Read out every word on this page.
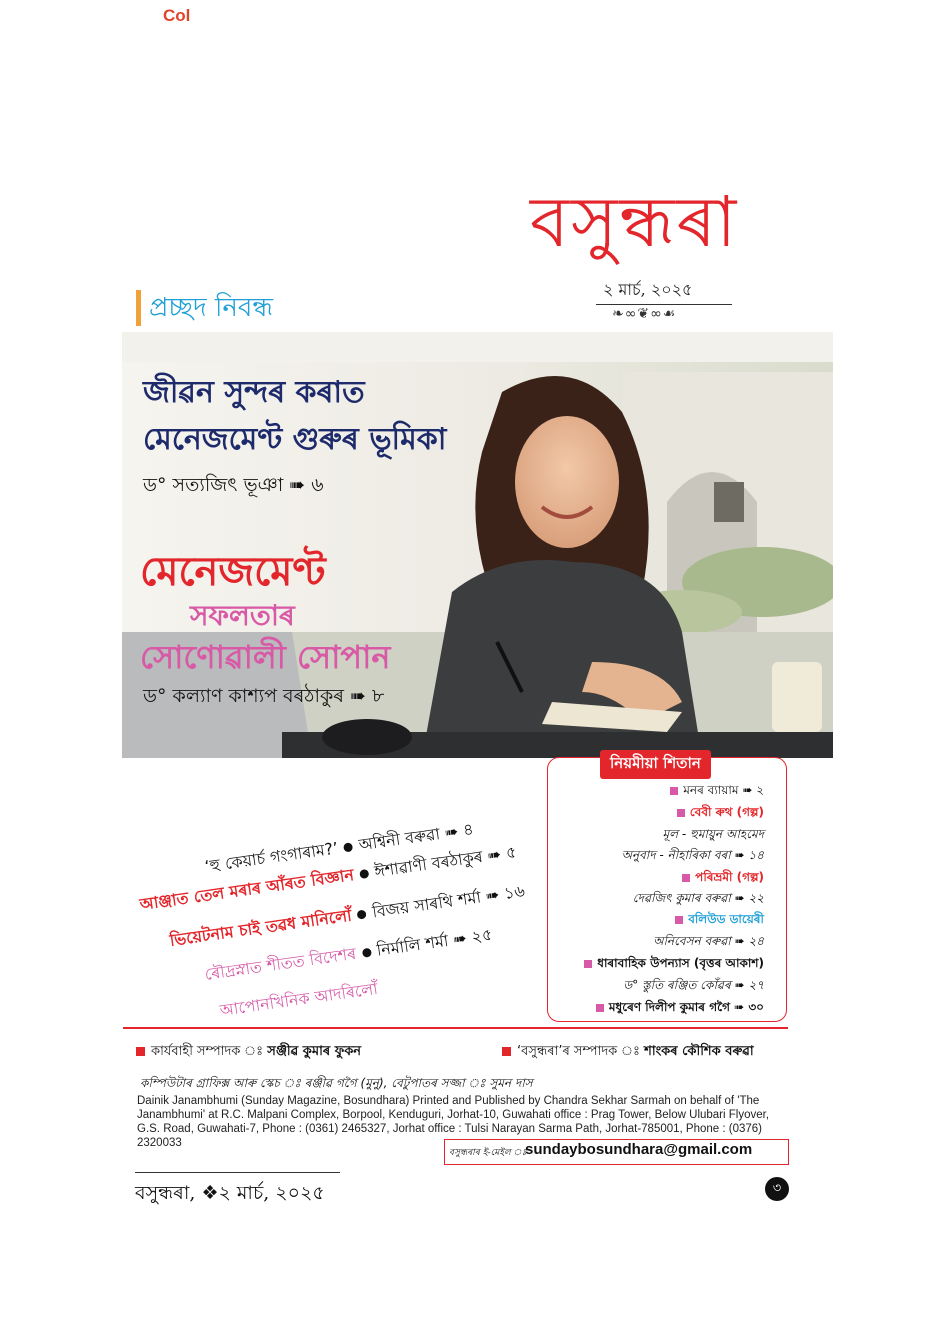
Col
বসুন্ধৰা
২ মাৰ্চ, ২০২৫
❧∞❦∞☙
প্ৰচ্ছদ নিবন্ধ
জীৱন সুন্দৰ কৰাত
মেনেজমেণ্ট গুৰুৰ ভূমিকা
ড° সত্যজিৎ ভূঞা ➠ ৬
মেনেজমেণ্ট
সফলতাৰ
সোণোৱালী সোপান
ড° কল্যাণ কাশ্যপ বৰঠাকুৰ ➠ ৮
‘হু কেয়াৰ্চ গংগাৰাম?’অশ্বিনী বৰুৱা ➠ ৪
আঞ্জাত তেল মৰাৰ আঁৰত বিজ্ঞানঈশাৱাণী বৰঠাকুৰ ➠ ৫
ভিয়েটনাম চাই তৱধ মানিলোঁবিজয় সাৰথি শৰ্মা ➠ ১৬
ৰৌদ্ৰস্নাত শীতত বিদেশৰনিৰ্মালি শৰ্মা ➠ ২৫
আপোনখিনিক আদৰিলোঁ
মনৰ ব্যায়াম ➠ ২
বেবী ৰুথ (গল্প)
মূল - হুমায়ুন আহমেদ
অনুবাদ - নীহাৰিকা বৰা ➠ ১৪
পৰিভ্ৰমী (গল্প)
দেৱজিৎ কুমাৰ বৰুৱা ➠ ২২
বলিউড ডায়েৰী
অনিবেসন বৰুৱা ➠ ২৪
ধাৰাবাহিক উপন্যাস (বৃত্তৰ আকাশ)
ড° স্তুতি ৰঞ্জিত কোঁৱৰ ➠ ২৭
মধুৰেণ দিলীপ কুমাৰ গগৈ ➠ ৩০
নিয়মীয়া শিতান
কাৰ্যবাহী সম্পাদক ঃ সঞ্জীৱ কুমাৰ ফুকন	‘বসুন্ধৰা’ৰ সম্পাদক ঃ শাংকৰ কৌশিক বৰুৱা
কম্পিউটাৰ গ্ৰাফিক্স আৰু স্কেচ ঃ ৰঞ্জীৱ গগৈ (মুনু), বেটুপাতৰ সজ্জা ঃ সুমন দাস
Dainik Janambhumi (Sunday Magazine, Bosundhara) Printed and Published by Chandra Sekhar Sarmah on behalf of 'The Janambhumi' at R.C. Malpani Complex, Borpool, Kenduguri, Jorhat-10, Guwahati office : Prag Tower, Below Ulubari Flyover, G.S. Road, Guwahati-7, Phone : (0361) 2465327, Jorhat office : Tulsi Narayan Sarma Path, Jorhat-785001, Phone : (0376) 2320033
বসুন্ধৰাৰ ই-মেইল ঃ
sundaybosundhara@gmail.com
বসুন্ধৰা, ❖২ মাৰ্চ, ২০২৫	৩
